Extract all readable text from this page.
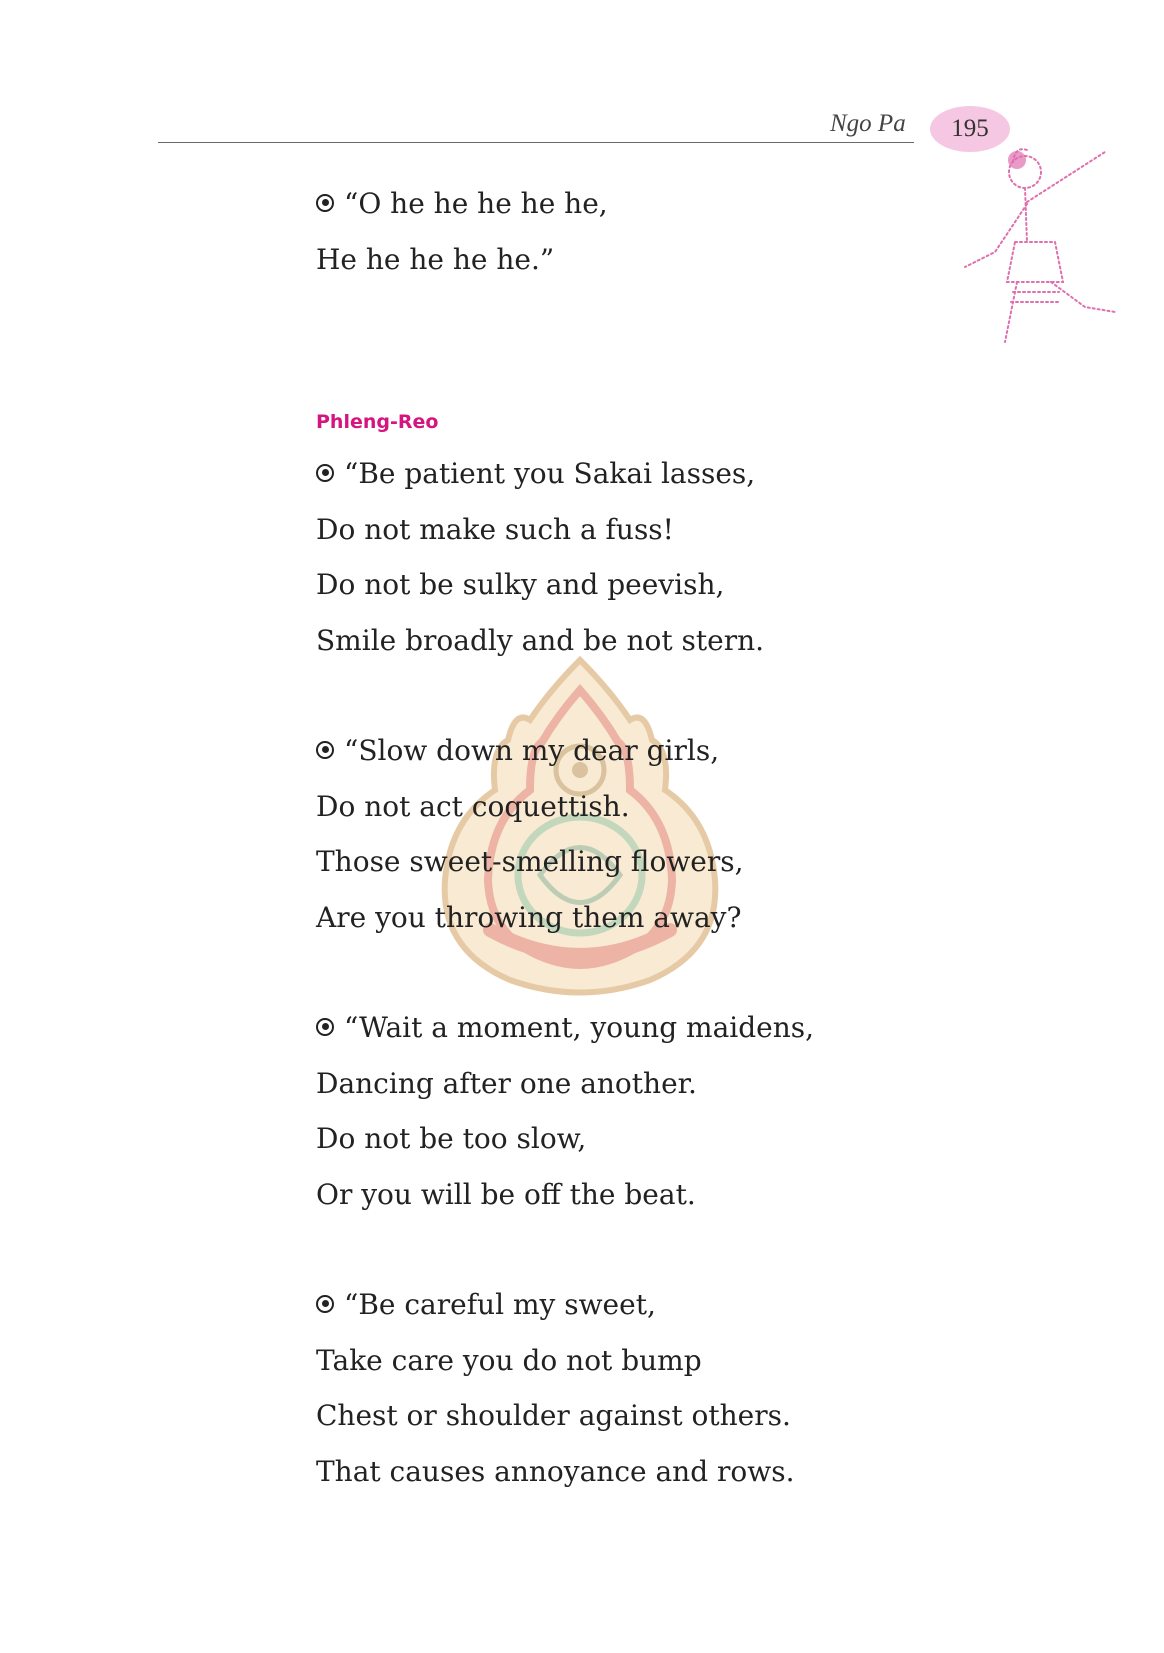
Ngo Pa 195
“O he he he he he,
He he he he he.”
Phleng-Reo
“Be patient you Sakai lasses,
Do not make such a fuss!
Do not be sulky and peevish,
Smile broadly and be not stern.
“Slow down my dear girls,
Do not act coquettish.
Those sweet-smelling flowers,
Are you throwing them away?
“Wait a moment, young maidens,
Dancing after one another.
Do not be too slow,
Or you will be off the beat.
“Be careful my sweet,
Take care you do not bump
Chest or shoulder against others.
That causes annoyance and rows.
